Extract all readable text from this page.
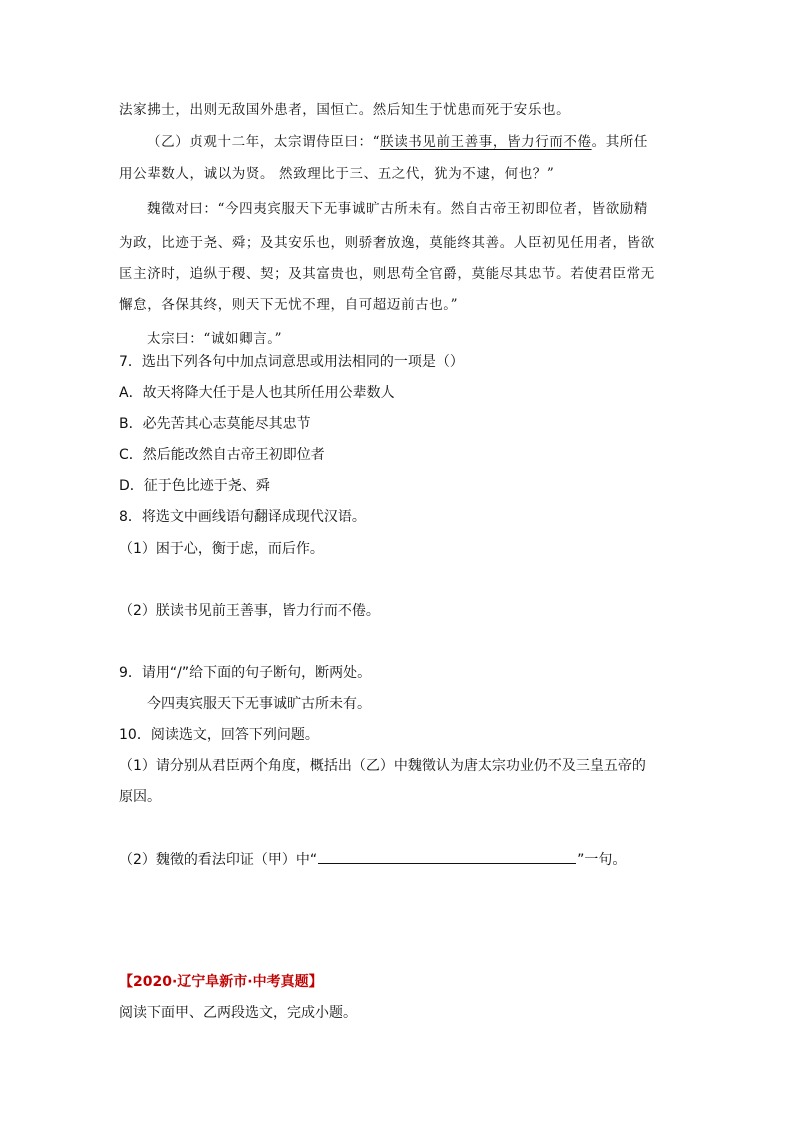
法家拂士，出则无敌国外患者，国恒亡。然后知生于忧患而死于安乐也。
（乙）贞观十二年，太宗谓侍臣曰：“朕读书见前王善事，皆力行而不倦。其所任
用公辈数人，诚以为贤。 然致理比于三、五之代，犹为不逮，何也？”
魏徵对曰：“今四夷宾服天下无事诚旷古所未有。然自古帝王初即位者，皆欲励精
为政，比迹于尧、舜；及其安乐也，则骄奢放逸，莫能终其善。人臣初见任用者，皆欲
匡主济时，追纵于稷、契；及其富贵也，则思苟全官爵，莫能尽其忠节。若使君臣常无
懈怠，各保其终，则天下无忧不理，自可超迈前古也。”
太宗曰：“诚如卿言。”
7．选出下列各句中加点词意思或用法相同的一项是（）
A．故天将降大任于是人也其所任用公辈数人
B．必先苦其心志莫能尽其忠节
C．然后能改然自古帝王初即位者
D．征于色比迹于尧、舜
8．将选文中画线语句翻译成现代汉语。
（1）困于心，衡于虑，而后作。
（2）朕读书见前王善事，皆力行而不倦。
9．请用“/”给下面的句子断句，断两处。
今四夷宾服天下无事诚旷古所未有。
10．阅读选文，回答下列问题。
（1）请分别从君臣两个角度，概括出（乙）中魏徵认为唐太宗功业仍不及三皇五帝的
原因。
（2）魏徵的看法印证（甲）中“	”一句。
【2020·辽宁阜新市·中考真题】
阅读下面甲、乙两段选文，完成小题。
